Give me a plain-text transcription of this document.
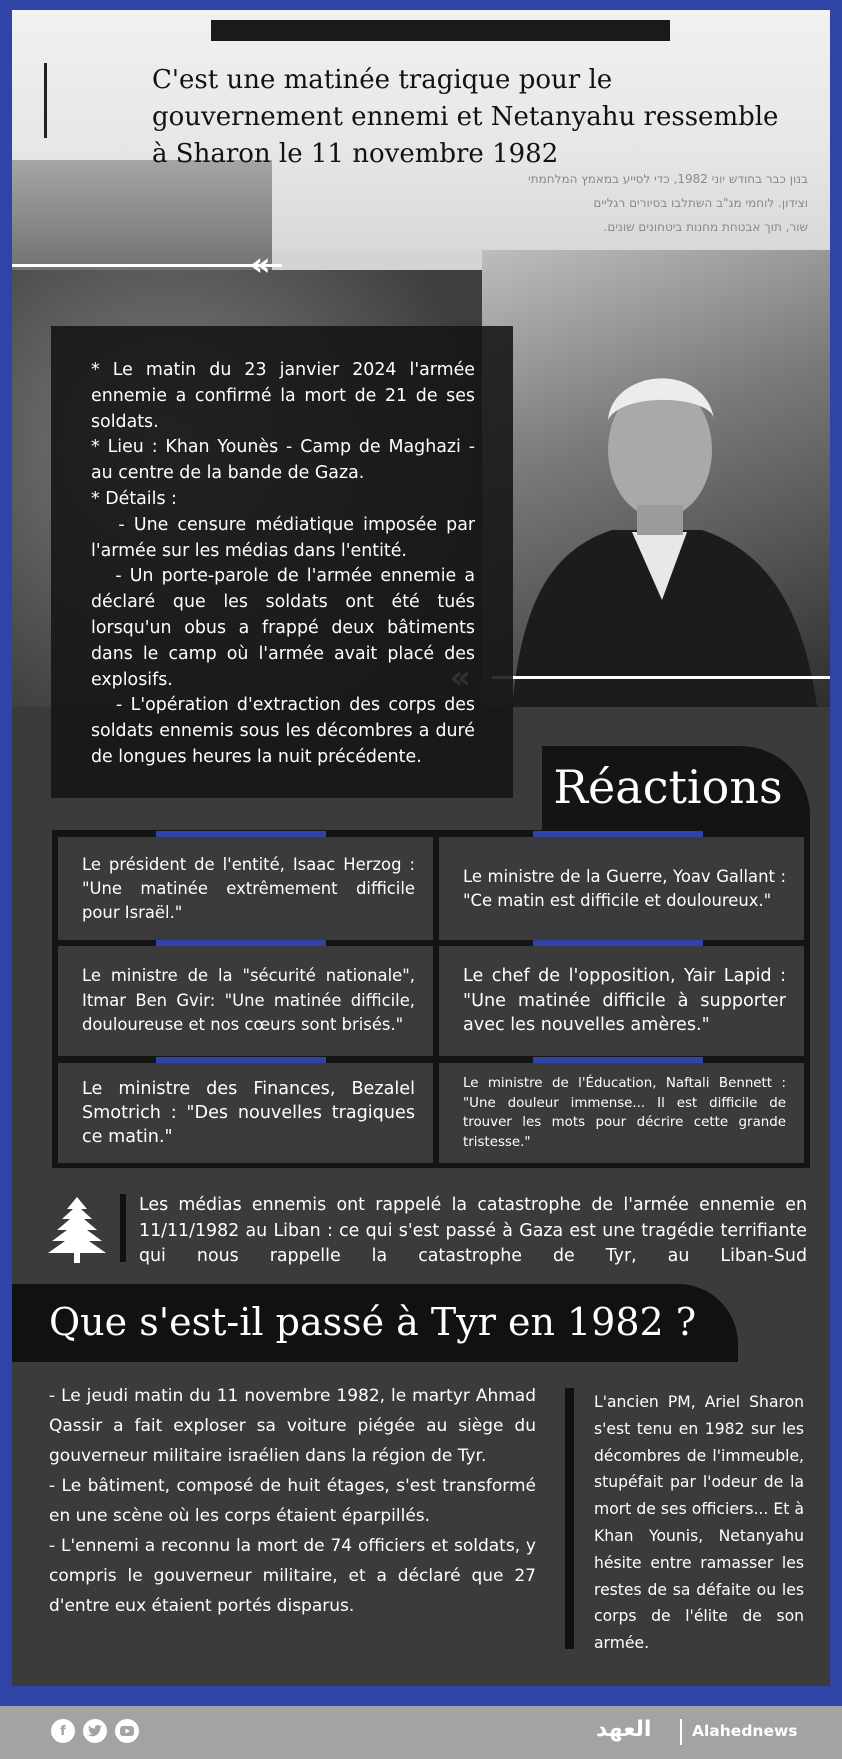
בנון כבר בחודש יוני 1982, כדי לסייע במאמץ המלחמתי
וצידון. לוחמי מג"ב השתלבו בסיורים רגליים
שור, תוך אבטחת מחנות ביטחונים שונים.
«
C'est une matinée tragique pour le gouvernement ennemi et Netanyahu ressemble à Sharon le 11 novembre 1982

* Le matin du 23 janvier 2024 l'armée ennemie a confirmé la mort de 21 de ses soldats.

* Lieu : Khan Younès - Camp de Maghazi - au centre de la bande de Gaza.

* Détails :

- Une censure médiatique imposée par l'armée sur les médias dans l'entité.

- Un porte-parole de l'armée ennemie a déclaré que les soldats ont été tués lorsqu'un obus a frappé deux bâtiments dans le camp où l'armée avait placé des explosifs.

- L'opération d'extraction des corps des soldats ennemis sous les décombres a duré de longues heures la nuit précédente.

Réactions
Le président de l'entité, Isaac Herzog : "Une matinée extrêmement difficile pour Israël."
Le ministre de la Guerre, Yoav Gallant : "Ce matin est difficile et douloureux."
Le ministre de la "sécurité nationale", Itmar Ben Gvir: "Une matinée difficile, douloureuse et nos cœurs sont brisés."
Le chef de l'opposition, Yair Lapid : "Une matinée difficile à supporter avec les nouvelles amères."
Le ministre des Finances, Bezalel Smotrich : "Des nouvelles tragiques ce matin."
Le ministre de l'Éducation, Naftali Bennett : "Une douleur immense... Il est difficile de trouver les mots pour décrire cette grande tristesse."
Les médias ennemis ont rappelé la catastrophe de l'armée ennemie en 11/11/1982 au Liban : ce qui s'est passé à Gaza est une tragédie terrifiante qui nous rappelle la catastrophe de Tyr, au Liban-Sud
Que s'est-il passé à Tyr en 1982 ?

- Le jeudi matin du 11 novembre 1982, le martyr Ahmad Qassir a fait exploser sa voiture piégée au siège du gouverneur militaire israélien dans la région de Tyr.

- Le bâtiment, composé de huit étages, s'est transformé en une scène où les corps étaient éparpillés.

- L'ennemi a reconnu la mort de 74 officiers et soldats, y compris le gouverneur militaire, et a déclaré que 27 d'entre eux étaient portés disparus.

L'ancien PM, Ariel Sharon s'est tenu en 1982 sur les décombres de l'immeuble, stupéfait par l'odeur de la mort de ses officiers... Et à Khan Younis, Netanyahu hésite entre ramasser les restes de sa défaite ou les corps de l'élite de son armée.
f	العهد	Alahednews
